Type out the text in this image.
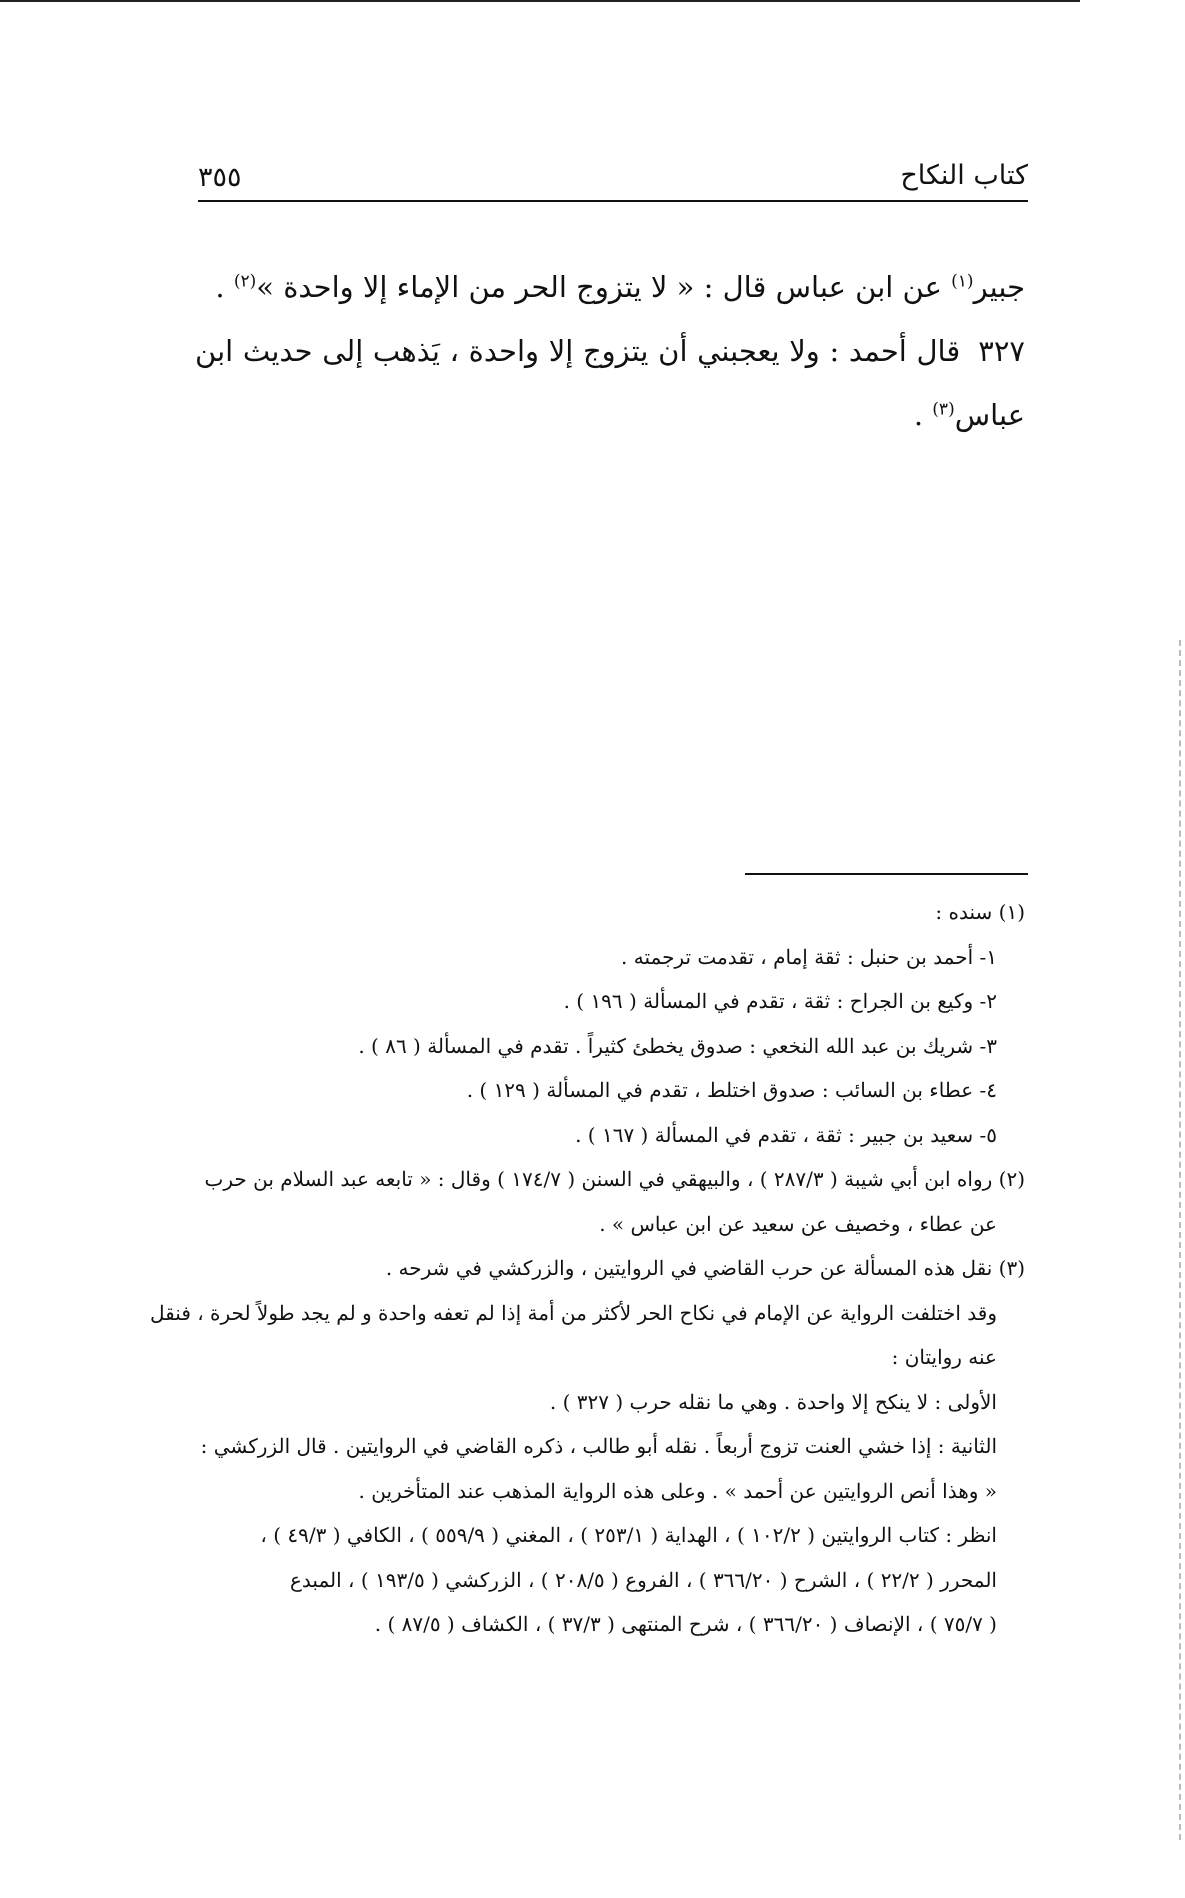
كتاب النكاح
٣٥٥

جبير$^{(١)}$ عن ابن عباس قال : « لا يتزوج الحر من الإماء إلا واحدة »$^{(٢)}$ .

٣٢٧قال أحمد : ولا يعجبني أن يتزوج إلا واحدة ، يَذهب إلى حديث ابن عباس$^{(٣)}$ .

(١) سنده :

١- أحمد بن حنبل : ثقة إمام ، تقدمت ترجمته .

٢- وكيع بن الجراح : ثقة ، تقدم في المسألة ( ١٩٦ ) .

٣- شريك بن عبد الله النخعي : صدوق يخطئ كثيراً . تقدم في المسألة ( ٨٦ ) .

٤- عطاء بن السائب : صدوق اختلط ، تقدم في المسألة ( ١٢٩ ) .

٥- سعيد بن جبير : ثقة ، تقدم في المسألة ( ١٦٧ ) .

(٢) رواه ابن أبي شيبة ( ٢٨٧/٣ ) ، والبيهقي في السنن ( ١٧٤/٧ ) وقال : « تابعه عبد السلام بن حرب

عن عطاء ، وخصيف عن سعيد عن ابن عباس » .

(٣) نقل هذه المسألة عن حرب القاضي في الروايتين ، والزركشي في شرحه .

وقد اختلفت الرواية عن الإمام في نكاح الحر لأكثر من أمة إذا لم تعفه واحدة و لم يجد طولاً لحرة ، فنقل

عنه روايتان :

الأولى : لا ينكح إلا واحدة . وهي ما نقله حرب ( ٣٢٧ ) .

الثانية : إذا خشي العنت تزوج أربعاً . نقله أبو طالب ، ذكره القاضي في الروايتين . قال الزركشي :

« وهذا أنص الروايتين عن أحمد » . وعلى هذه الرواية المذهب عند المتأخرين .

انظر : كتاب الروايتين ( ١٠٢/٢ ) ، الهداية ( ٢٥٣/١ ) ، المغني ( ٥٥٩/٩ ) ، الكافي ( ٤٩/٣ ) ،

المحرر ( ٢٢/٢ ) ، الشرح ( ٣٦٦/٢٠ ) ، الفروع ( ٢٠٨/٥ ) ، الزركشي ( ١٩٣/٥ ) ، المبدع

( ٧٥/٧ ) ، الإنصاف ( ٣٦٦/٢٠ ) ، شرح المنتهى ( ٣٧/٣ ) ، الكشاف ( ٨٧/٥ ) .
